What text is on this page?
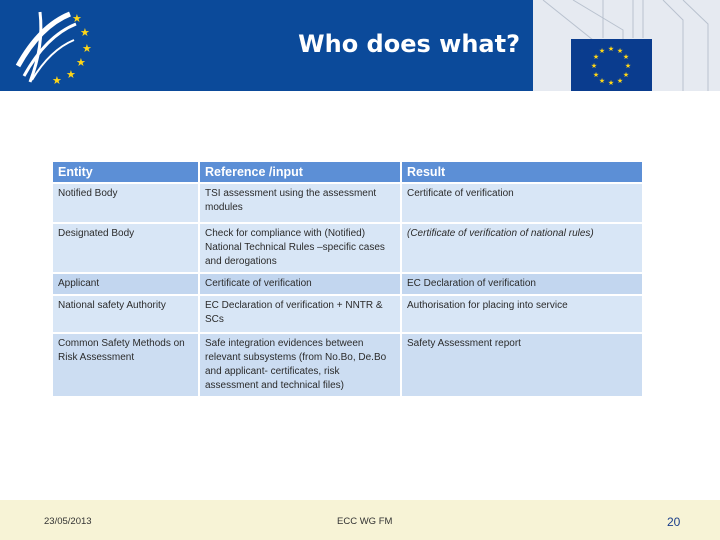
★
★
★
★
★
★
Who does what?	★ ★
★
★
★
★
★
★
★
★
★
★
Entity	Reference /input	Result
Notified Body	TSI assessment using the assessment modules	Certificate of verification
Designated Body	Check for compliance with (Notified) National Technical Rules –specific cases and derogations	(Certificate of verification of national rules)
Applicant	Certificate of verification	EC Declaration of verification
National safety Authority	EC Declaration of verification + NNTR & SCs	Authorisation for placing into service
Common Safety Methods on Risk Assessment	Safe integration evidences between relevant subsystems (from No.Bo, De.Bo and applicant- certificates, risk assessment and technical files)	Safety Assessment report
23/05/2013	ECC WG FM	20
